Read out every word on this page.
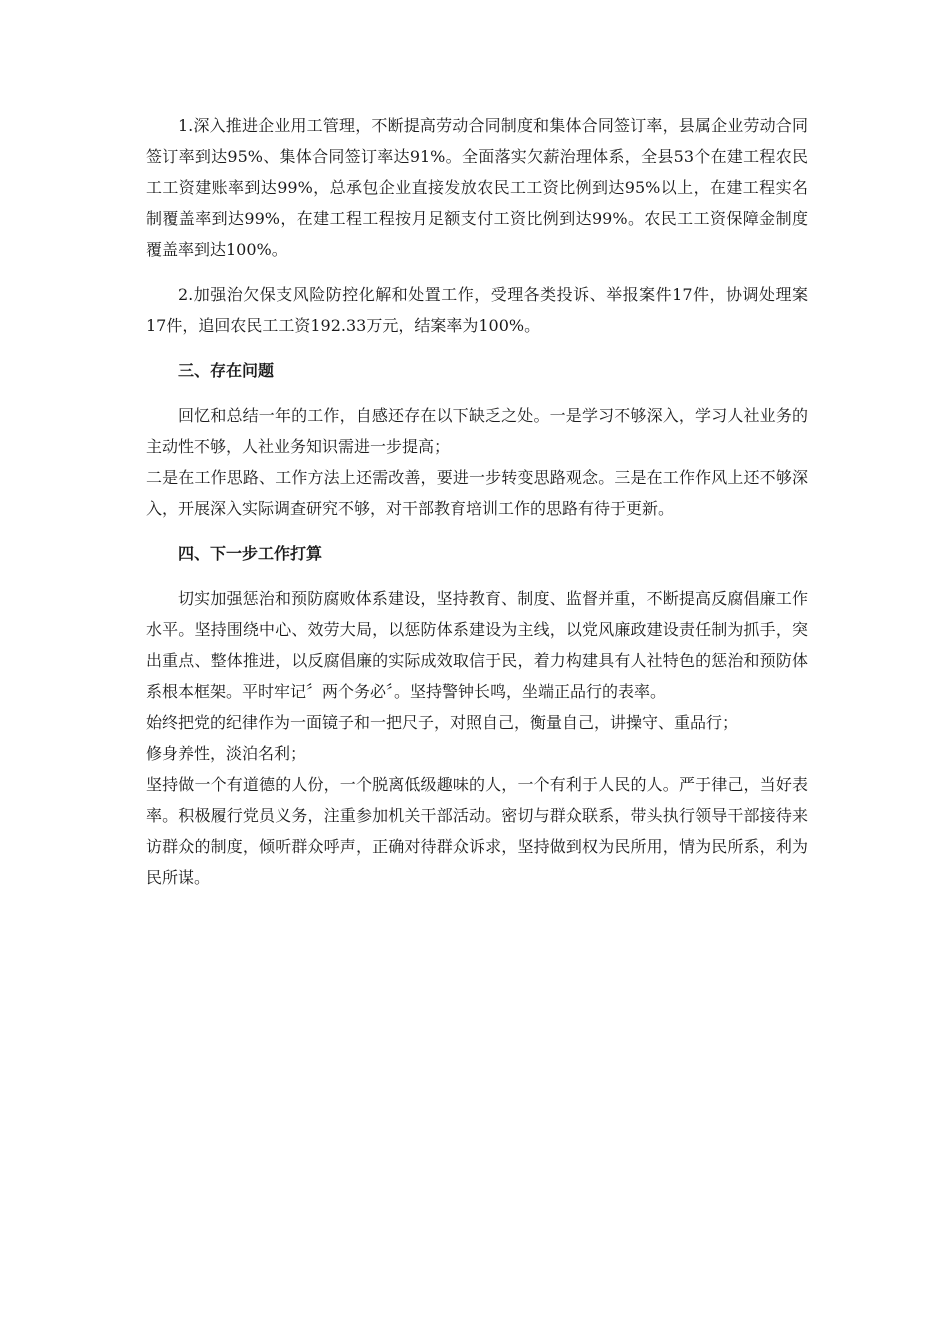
1.深入推进企业用工管理，不断提高劳动合同制度和集体合同签订率，县属企业劳动合同签订率到达95%、集体合同签订率达91%。全面落实欠薪治理体系，全县53个在建工程农民工工资建账率到达99%，总承包企业直接发放农民工工资比例到达95%以上，在建工程实名制覆盖率到达99%，在建工程工程按月足额支付工资比例到达99%。农民工工资保障金制度覆盖率到达100%。

2.加强治欠保支风险防控化解和处置工作，受理各类投诉、举报案件17件，协调处理案17件，追回农民工工资192.33万元，结案率为100%。

三、存在问题

回忆和总结一年的工作，自感还存在以下缺乏之处。一是学习不够深入，学习人社业务的主动性不够，人社业务知识需进一步提高；

二是在工作思路、工作方法上还需改善，要进一步转变思路观念。三是在工作作风上还不够深入，开展深入实际调查研究不够，对干部教育培训工作的思路有待于更新。

四、下一步工作打算

切实加强惩治和预防腐败体系建设，坚持教育、制度、监督并重，不断提高反腐倡廉工作水平。坚持围绕中心、效劳大局，以惩防体系建设为主线，以党风廉政建设责任制为抓手，突出重点、整体推进，以反腐倡廉的实际成效取信于民，着力构建具有人社特色的惩治和预防体系根本框架。平时牢记〞两个务必〞。坚持警钟长鸣，坐端正品行的表率。

始终把党的纪律作为一面镜子和一把尺子，对照自己，衡量自己，讲操守、重品行；

修身养性，淡泊名利；

坚持做一个有道德的人份，一个脱离低级趣味的人，一个有利于人民的人。严于律己，当好表率。积极履行党员义务，注重参加机关干部活动。密切与群众联系，带头执行领导干部接待来访群众的制度，倾听群众呼声，正确对待群众诉求，坚持做到权为民所用，情为民所系，利为民所谋。
